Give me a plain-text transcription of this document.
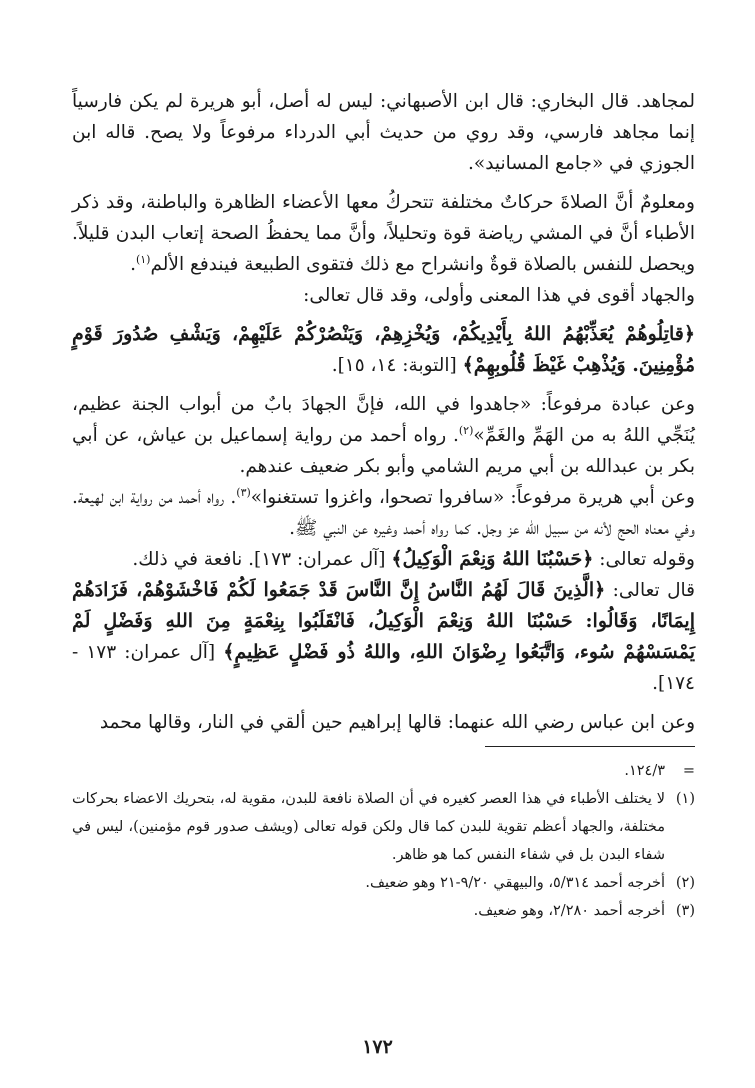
لمجاهد. قال البخاري: قال ابن الأصبهاني: ليس له أصل، أبو هريرة لم يكن فارسياً إنما مجاهد فارسي، وقد روي من حديث أبي الدرداء مرفوعاً ولا يصح. قاله ابن الجوزي في «جامع المسانيد».

ومعلومٌ أنَّ الصلاةَ حركاتٌ مختلفة تتحركُ معها الأعضاء الظاهرة والباطنة، وقد ذكر الأطباء أنَّ في المشي رياضة قوة وتحليلاً، وأنَّ مما يحفظُ الصحة إتعاب البدن قليلاً. ويحصل للنفس بالصلاة قوةٌ وانشراح مع ذلك فتقوى الطبيعة فيندفع الألم$^{(١)}$.

والجهاد أقوى في هذا المعنى وأولى، وقد قال تعالى:

﴿قاتِلُوهُمْ يُعَذِّبْهُمُ اللهُ بِأَيْدِيكُمْ، وَيُخْزِهِمْ، وَيَنْصُرْكُمْ عَلَيْهِمْ، وَيَشْفِ صُدُورَ قَوْمٍ مُؤْمِنِينَ. وَيُذْهِبْ غَيْظَ قُلُوبِهِمْ﴾ [التوبة: ١٤، ١٥].

وعن عبادة مرفوعاً: «جاهدوا في الله، فإنَّ الجهادَ بابٌ من أبواب الجنة عظيم، يُنَجِّي اللهُ به من الهَمِّ والغَمِّ»$^{(٢)}$. رواه أحمد من رواية إسماعيل بن عياش، عن أبي بكر بن عبدالله بن أبي مريم الشامي وأبو بكر ضعيف عندهم.

وعن أبي هريرة مرفوعاً: «سافروا تصحوا، واغزوا تستغنوا»$^{(٣)}$. رواه أحمد من رواية ابن لهيعة. وفي معناه الحج لأنه من سبيل الله عز وجل. كما رواه أحمد وغيره عن النبي ﷺ.

وقوله تعالى: ﴿حَسْبُنَا اللهُ وَنِعْمَ الْوَكِيلُ﴾ [آل عمران: ١٧٣]. نافعة في ذلك.

قال تعالى: ﴿الَّذِينَ قَالَ لَهُمُ النَّاسُ إِنَّ النَّاسَ قَدْ جَمَعُوا لَكُمْ فَاخْشَوْهُمْ، فَزَادَهُمْ إِيمَانًا، وَقَالُوا: حَسْبُنَا اللهُ وَنِعْمَ الْوَكِيلُ، فَانْقَلَبُوا بِنِعْمَةٍ مِنَ اللهِ وَفَضْلٍ لَمْ يَمْسَسْهُمْ سُوء، وَاتَّبَعُوا رِضْوَانَ اللهِ، واللهُ ذُو فَضْلٍ عَظِيمٍ﴾ [آل عمران: ١٧٣ - ١٧٤].

وعن ابن عباس رضي الله عنهما: قالها إبراهيم حين ألقي في النار، وقالها محمد

=
١٢٤/٣.
(١)
لا يختلف الأطباء في هذا العصر كغيره في أن الصلاة نافعة للبدن، مقوية له، بتحريك الاعضاء بحركات مختلفة، والجهاد أعظم تقوية للبدن كما قال ولكن قوله تعالى (ويشف صدور قوم مؤمنين)، ليس في شفاء البدن بل في شفاء النفس كما هو ظاهر.
(٢)
أخرجه أحمد ٥/٣١٤، والبيهقي ٩/٢٠-٢١ وهو ضعيف.
(٣)
أخرجه أحمد ٢/٢٨٠، وهو ضعيف.
١٧٢
